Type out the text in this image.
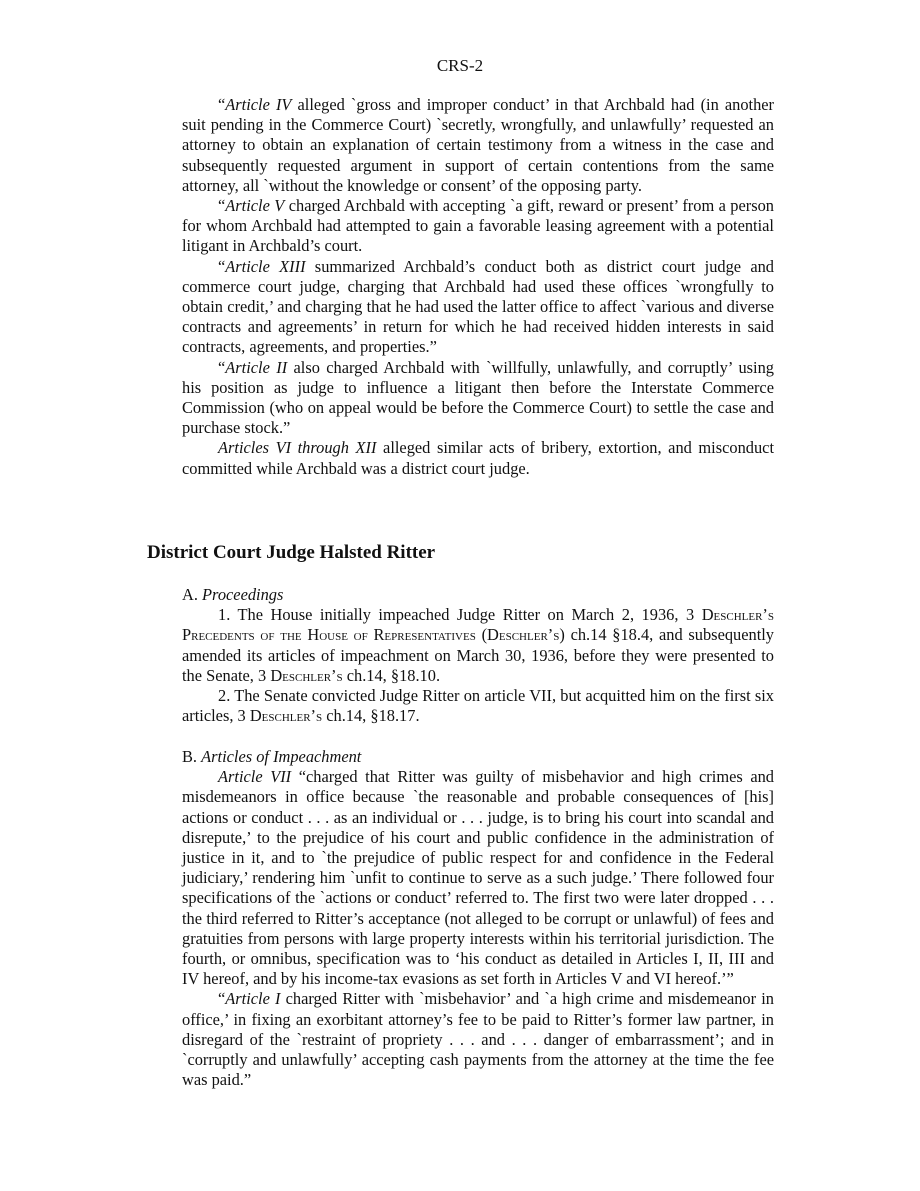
CRS-2

“Article IV alleged `gross and improper conduct’ in that Archbald had (in another suit pending in the Commerce Court) `secretly, wrongfully, and unlawfully’ requested an attorney to obtain an explanation of certain testimony from a witness in the case and subsequently requested argument in support of certain contentions from the same attorney, all `without the knowledge or consent’ of the opposing party.

“Article V charged Archbald with accepting `a gift, reward or present’ from a person for whom Archbald had attempted to gain a favorable leasing agreement with a potential litigant in Archbald’s court.

“Article XIII summarized Archbald’s conduct both as district court judge and commerce court judge, charging that Archbald had used these offices `wrongfully to obtain credit,’ and charging that he had used the latter office to affect `various and diverse contracts and agreements’ in return for which he had received hidden interests in said contracts, agreements, and properties.”

“Article II also charged Archbald with `willfully, unlawfully, and corruptly’ using his position as judge to influence a litigant then before the Interstate Commerce Commission (who on appeal would be before the Commerce Court) to settle the case and purchase stock.”

Articles VI through XII alleged similar acts of bribery, extortion, and misconduct committed while Archbald was a district court judge.

District Court Judge Halsted Ritter

A. Proceedings

1. The House initially impeached Judge Ritter on March 2, 1936, 3 Deschler’s Precedents of the House of Representatives (Deschler’s) ch.14 §18.4, and subsequently amended its articles of impeachment on March 30, 1936, before they were presented to the Senate, 3 Deschler’s ch.14, §18.10.

2. The Senate convicted Judge Ritter on article VII, but acquitted him on the first six articles, 3 Deschler’s ch.14, §18.17.

B. Articles of Impeachment

Article VII “charged that Ritter was guilty of misbehavior and high crimes and misdemeanors in office because `the reasonable and probable consequences of [his] actions or conduct . . . as an individual or . . . judge, is to bring his court into scandal and disrepute,’ to the prejudice of his court and public confidence in the administration of justice in it, and to `the prejudice of public respect for and confidence in the Federal judiciary,’ rendering him `unfit to continue to serve as a such judge.’ There followed four specifications of the `actions or conduct’ referred to. The first two were later dropped . . . the third referred to Ritter’s acceptance (not alleged to be corrupt or unlawful) of fees and gratuities from persons with large property interests within his territorial jurisdiction. The fourth, or omnibus, specification was to ‘his conduct as detailed in Articles I, II, III and IV hereof, and by his income-tax evasions as set forth in Articles V and VI hereof.’”

“Article I charged Ritter with `misbehavior’ and `a high crime and misdemeanor in office,’ in fixing an exorbitant attorney’s fee to be paid to Ritter’s former law partner, in disregard of the `restraint of propriety . . . and . . . danger of embarrassment’; and in `corruptly and unlawfully’ accepting cash payments from the attorney at the time the fee was paid.”
